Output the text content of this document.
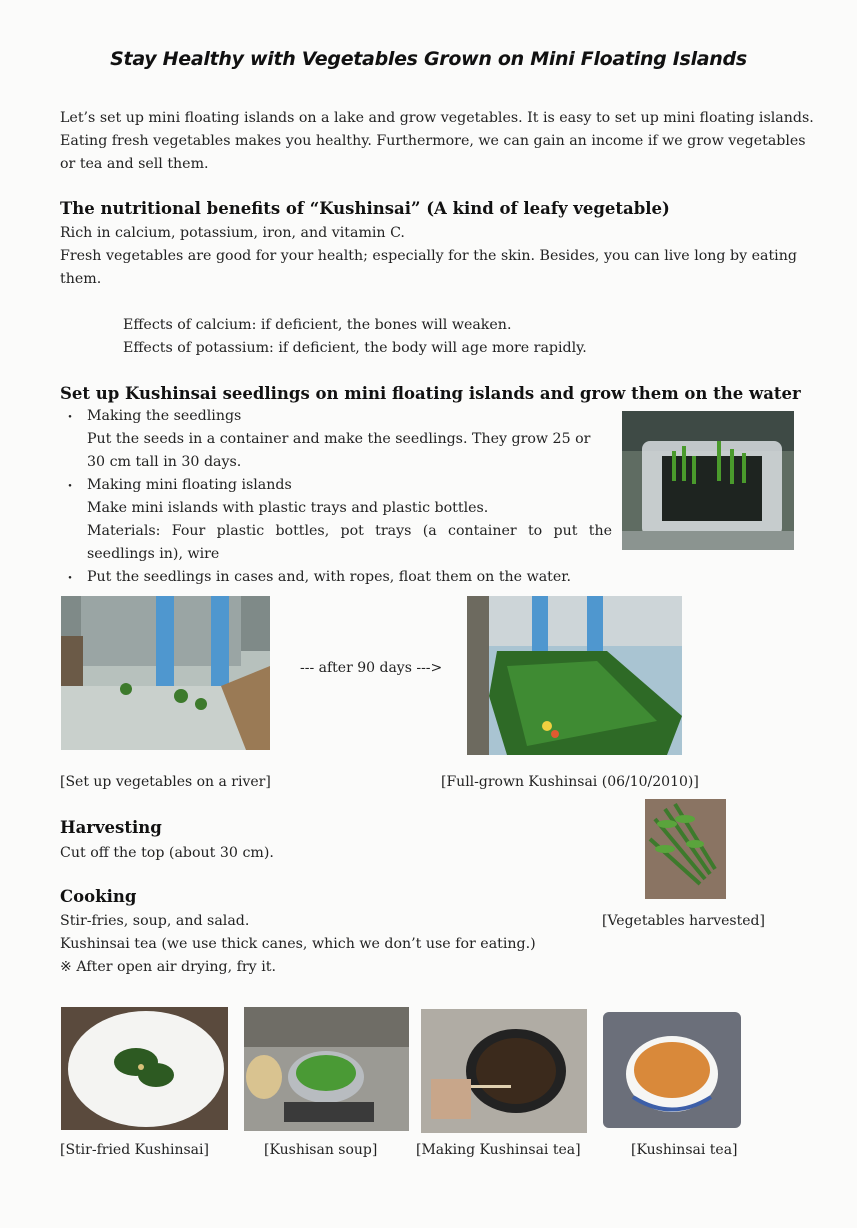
Stay Healthy with Vegetables Grown on Mini Floating Islands
Let’s set up mini floating islands on a lake and grow vegetables. It is easy to set up mini floating islands.
Eating fresh vegetables makes you healthy. Furthermore, we can gain an income if we grow vegetables
or tea and sell them.
The nutritional benefits of “Kushinsai” (A kind of leafy vegetable)
Rich in calcium, potassium, iron, and vitamin C.
Fresh vegetables are good for your health; especially for the skin. Besides, you can live long by eating
them.
Effects of calcium: if deficient, the bones will weaken.
Effects of potassium: if deficient, the body will age more rapidly.
Set up Kushinsai seedlings on mini floating islands and grow them on the water
Making the seedlings
Put the seeds in a container and make the seedlings. They grow 25 or
30 cm tall in 30 days.
Making mini floating islands
Make mini islands with plastic trays and plastic bottles.
Materials: Four plastic bottles, pot trays (a container to put the
seedlings in), wire
Put the seedlings in cases and, with ropes, float them on the water.
・
・
・
--- after 90 days --->
[Set up vegetables on a river]	[Full-grown Kushinsai (06/10/2010)]
Harvesting
Cut off the top (about 30 cm).
[Vegetables harvested]
Cooking
Stir-fries, soup, and salad.
Kushinsai tea (we use thick canes, which we don’t use for eating.)
※ After open air drying, fry it.
[Stir-fried Kushinsai]	[Kushisan soup]	[Making Kushinsai tea]	[Kushinsai tea]
